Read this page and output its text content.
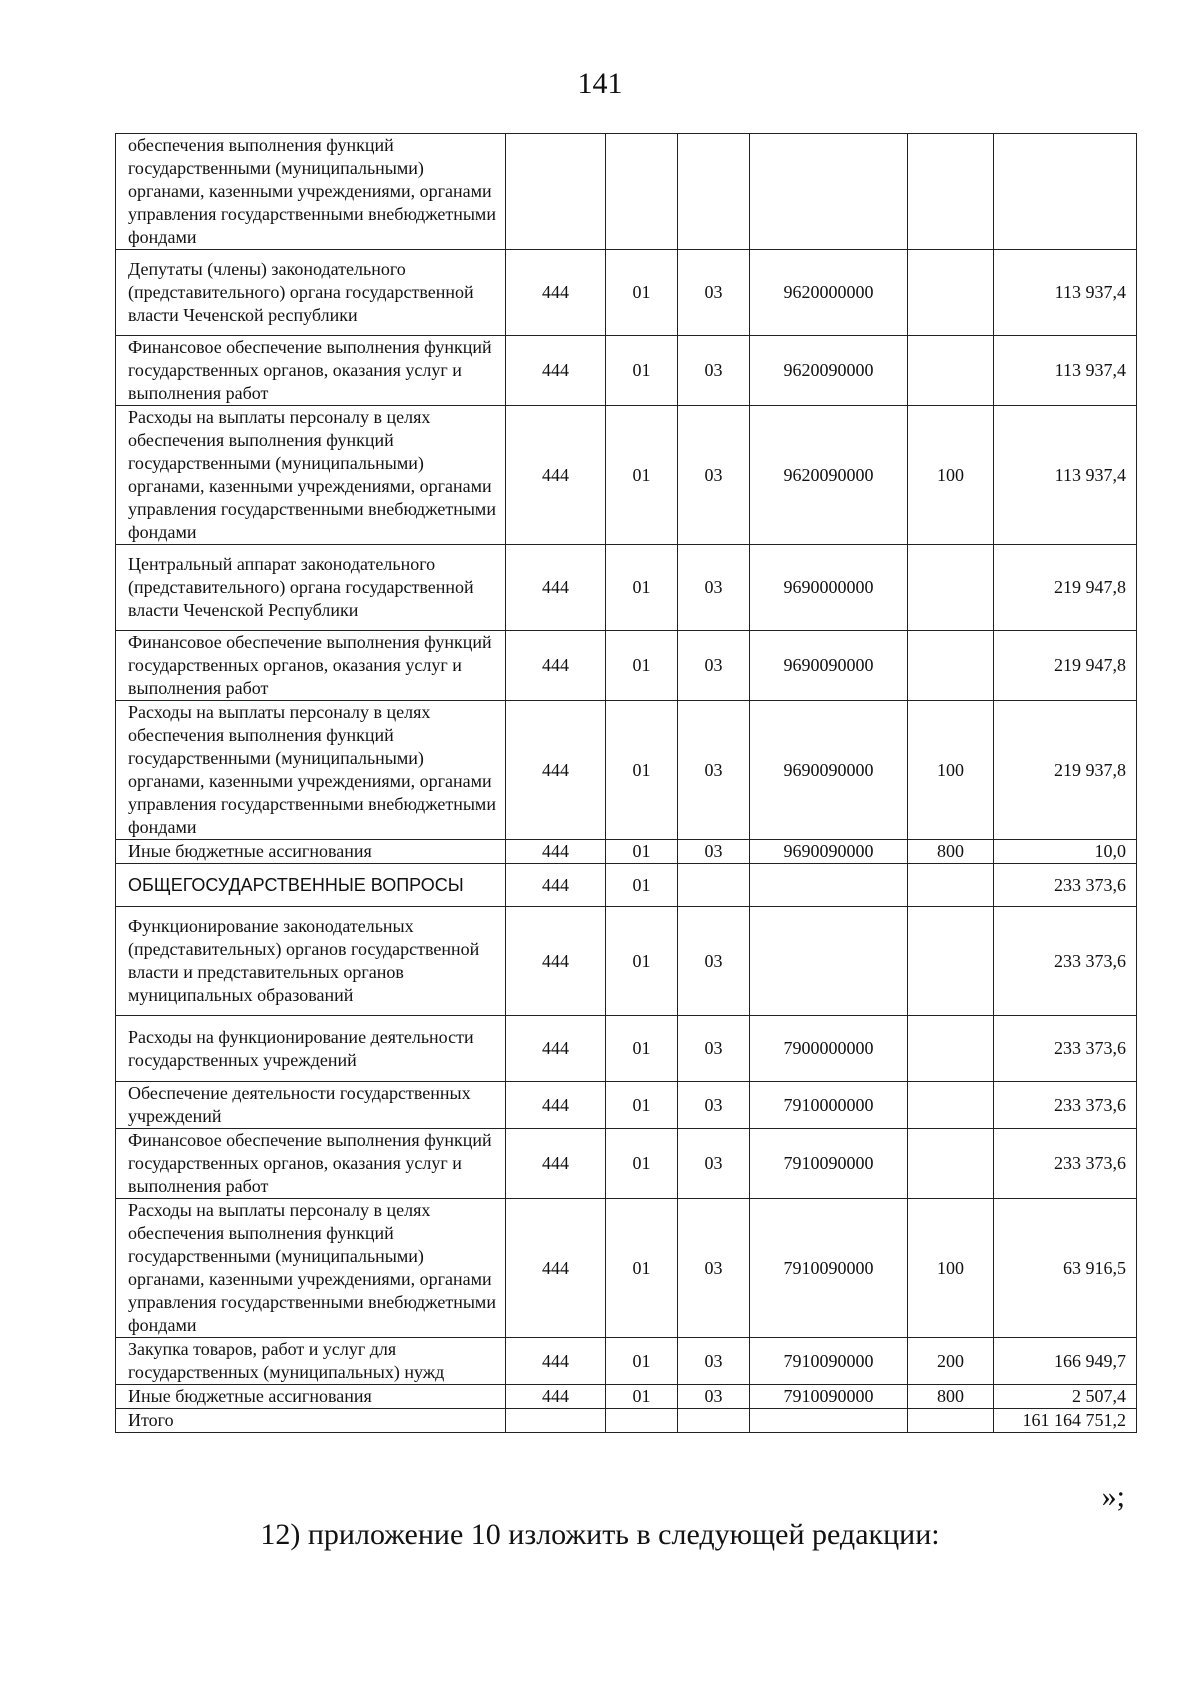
141
обеспечения выполнения функций государственными (муниципальными) органами, казенными учреждениями, органами управления государственными внебюджетными фондами						
Депутаты (члены) законодательного (представительного) органа государственной власти Чеченской республики	444	01	03	9620000000		113 937,4
Финансовое обеспечение выполнения функций государственных органов, оказания услуг и выполнения работ	444	01	03	9620090000		113 937,4
Расходы на выплаты персоналу в целях обеспечения выполнения функций государственными (муниципальными) органами, казенными учреждениями, органами управления государственными внебюджетными фондами	444	01	03	9620090000	100	113 937,4
Центральный аппарат законодательного (представительного) органа государственной власти Чеченской Республики	444	01	03	9690000000		219 947,8
Финансовое обеспечение выполнения функций государственных органов, оказания услуг и выполнения работ	444	01	03	9690090000		219 947,8
Расходы на выплаты персоналу в целях обеспечения выполнения функций государственными (муниципальными) органами, казенными учреждениями, органами управления государственными внебюджетными фондами	444	01	03	9690090000	100	219 937,8
Иные бюджетные ассигнования	444	01	03	9690090000	800	10,0
ОБЩЕГОСУДАРСТВЕННЫЕ ВОПРОСЫ	444	01				233 373,6
Функционирование законодательных (представительных) органов государственной власти и представительных органов муниципальных образований	444	01	03			233 373,6
Расходы на функционирование деятельности государственных учреждений	444	01	03	7900000000		233 373,6
Обеспечение деятельности государственных учреждений	444	01	03	7910000000		233 373,6
Финансовое обеспечение выполнения функций государственных органов, оказания услуг и выполнения работ	444	01	03	7910090000		233 373,6
Расходы на выплаты персоналу в целях обеспечения выполнения функций государственными (муниципальными) органами, казенными учреждениями, органами управления государственными внебюджетными фондами	444	01	03	7910090000	100	63 916,5
Закупка товаров, работ и услуг для государственных (муниципальных) нужд	444	01	03	7910090000	200	166 949,7
Иные бюджетные ассигнования	444	01	03	7910090000	800	2 507,4
Итого						161 164 751,2
»;
12) приложение 10 изложить в следующей редакции:
